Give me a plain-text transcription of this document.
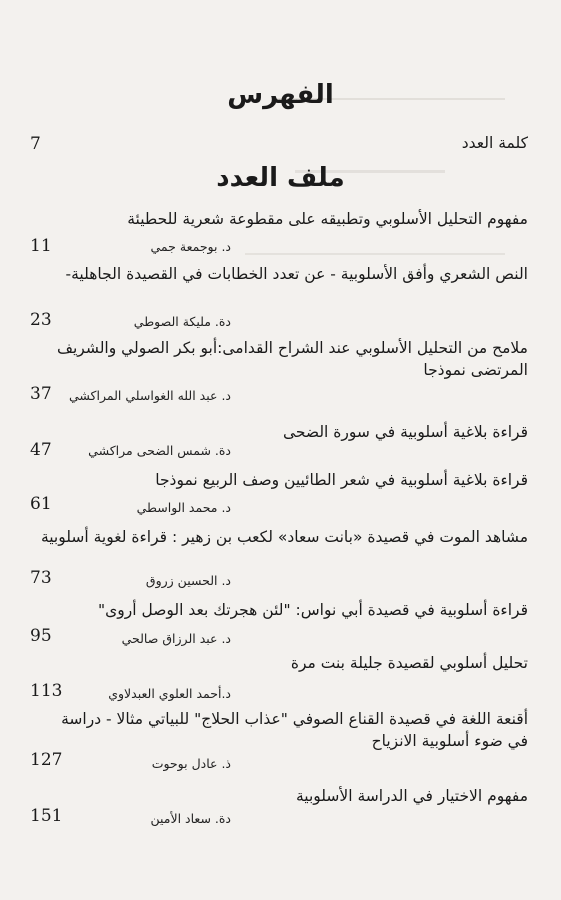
الفهرس
كلمة العدد
7
ملف العدد
مفهوم التحليل الأسلوبي وتطبيقه على مقطوعة شعرية للحطيئة
د. بوجمعة جمي
11
النص الشعري وأفق الأسلوبية - عن تعدد الخطابات في القصيدة الجاهلية-
دة. مليكة الصوطي
23
ملامح من التحليل الأسلوبي عند الشراح القدامى:أبو بكر الصولي والشريف المرتضى نموذجا
د. عبد الله الغواسلي المراكشي
37
قراءة بلاغية أسلوبية في سورة الضحى
دة. شمس الضحى مراكشي
47
قراءة بلاغية أسلوبية في شعر الطائيين وصف الربيع نموذجا
د. محمد الواسطي
61
مشاهد الموت في قصيدة «بانت سعاد» لكعب بن زهير : قراءة لغوية أسلوبية
د. الحسين زروق
73
قراءة أسلوبية في قصيدة أبي نواس: "لئن هجرتك بعد الوصل أروى"
د. عبد الرزاق صالحي
95
تحليل أسلوبي لقصيدة جليلة بنت مرة
د.أحمد العلوي العبدلاوي
113
أقنعة اللغة في قصيدة القناع الصوفي "عذاب الحلاج" للبياتي مثالا - دراسة في ضوء أسلوبية الانزياح
ذ. عادل بوحوت
127
مفهوم الاختيار في الدراسة الأسلوبية
دة. سعاد الأمين
151
